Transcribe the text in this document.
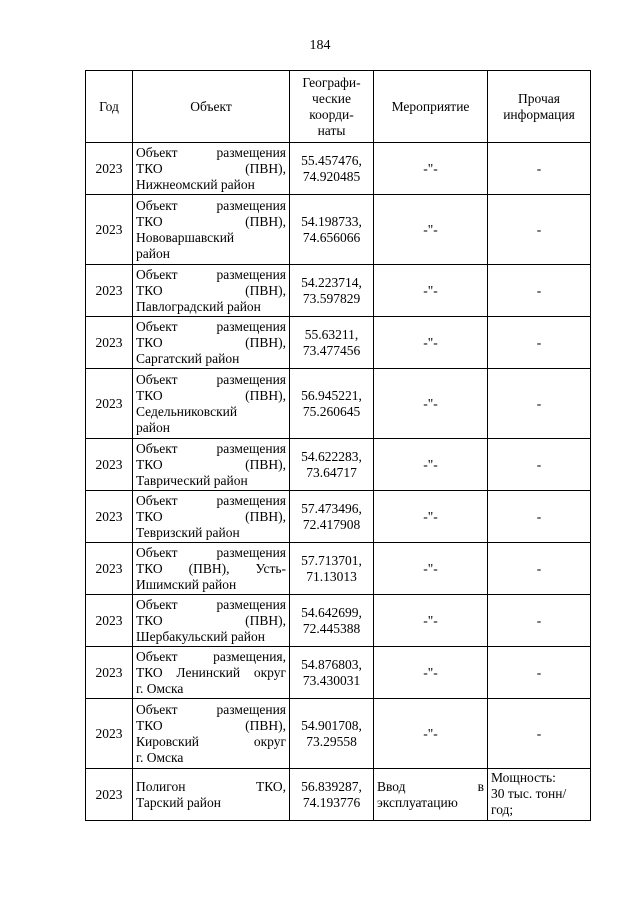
184
Год	Объект	Географи-
ческие
коорди-
наты	Мероприятие	Прочая
информация

2023	Объект размещения
ТКО (ПВН),
Нижнеомский район	55.457476,
74.920485	-"-	-
2023	Объект размещения
ТКО (ПВН),
Нововаршавский
район	54.198733,
74.656066	-"-	-
2023	Объект размещения
ТКО (ПВН),
Павлоградский район	54.223714,
73.597829	-"-	-
2023	Объект размещения
ТКО (ПВН),
Саргатский район	55.63211,
73.477456	-"-	-
2023	Объект размещения
ТКО (ПВН),
Седельниковский
район	56.945221,
75.260645	-"-	-
2023	Объект размещения
ТКО (ПВН),
Таврический район	54.622283,
73.64717	-"-	-
2023	Объект размещения
ТКО (ПВН),
Тевризский район	57.473496,
72.417908	-"-	-
2023	Объект размещения
ТКО (ПВН), Усть-
Ишимский район	57.713701,
71.13013	-"-	-
2023	Объект размещения
ТКО (ПВН),
Шербакульский район	54.642699,
72.445388	-"-	-
2023	Объект размещения,
ТКО Ленинский округ
г. Омска	54.876803,
73.430031	-"-	-
2023	Объект размещения
ТКО (ПВН),
Кировский округ
г. Омска	54.901708,
73.29558	-"-	-
2023	Полигон ТКО,
Тарский район	56.839287,
74.193776	Ввод в
эксплуатацию	Мощность:
30 тыс. тонн/
год;
